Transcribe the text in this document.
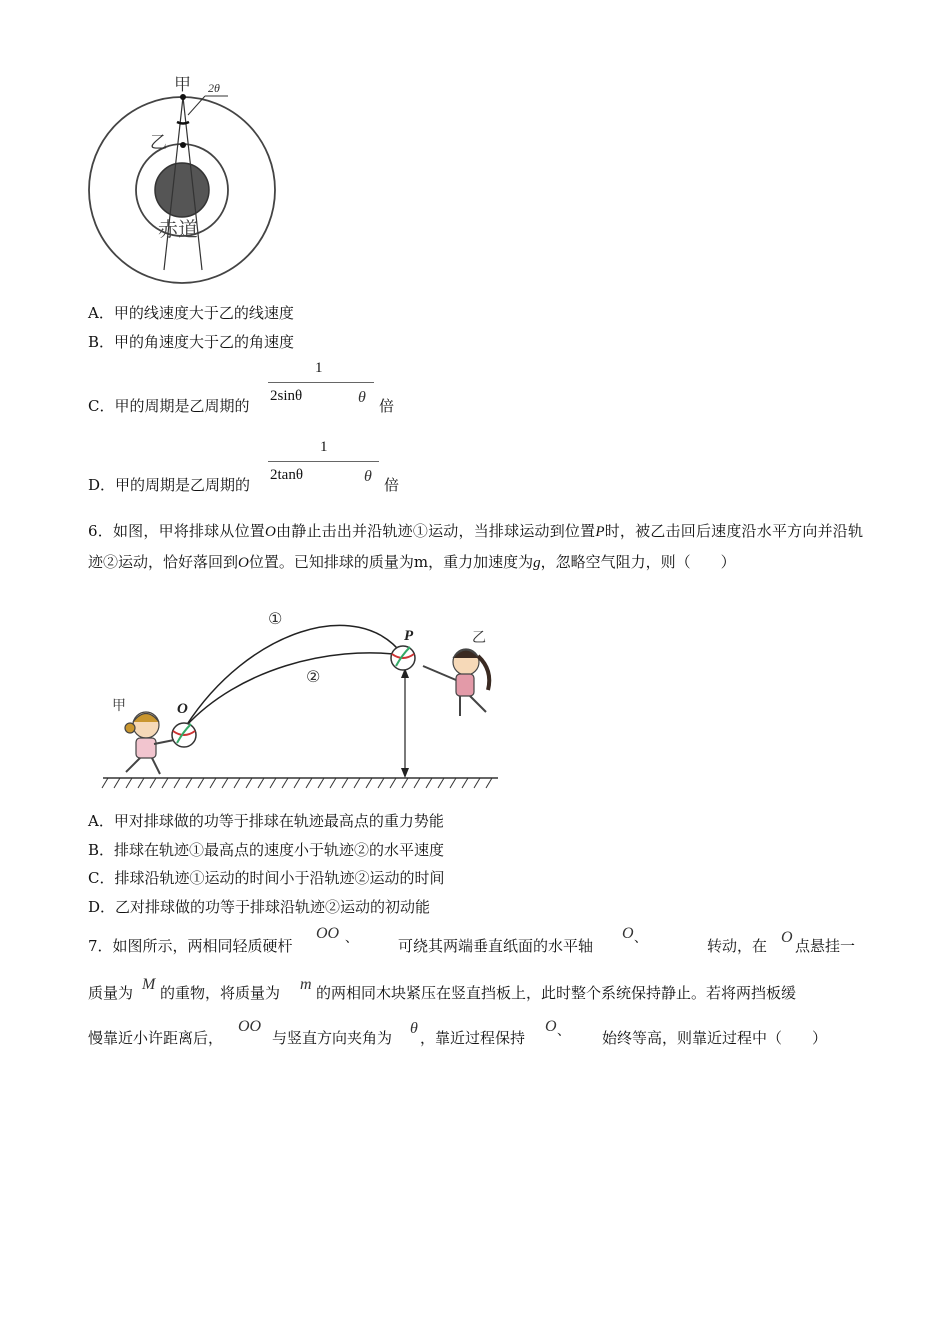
甲 2θ
乙
赤道
A．甲的线速度大于乙的线速度
B．甲的角速度大于乙的角速度
C．甲的周期是乙周期的
1
2sinθ	θ 倍
D．甲的周期是乙周期的
1
2tanθ	θ 倍
6．如图，甲将排球从位置O由静止击出并沿轨迹①运动，当排球运动到位置P时，被乙击回后速度沿水平方向并沿轨迹②运动，恰好落回到O位置。已知排球的质量为m，重力加速度为g，忽略空气阻力，则（　　）
①
②
P
O
甲
乙
A．甲对排球做的功等于排球在轨迹最高点的重力势能
B．排球在轨迹①最高点的速度小于轨迹②的水平速度
C．排球沿轨迹①运动的时间小于沿轨迹②运动的时间
D．乙对排球做的功等于排球沿轨迹②运动的初动能
7．如图所示，两相同轻质硬杆
OO 、	可绕其两端垂直纸面的水平轴
O 、	转动，在 O 点悬挂一
质量为 M 的重物，将质量为 m 的两相同木块紧压在竖直挡板上，此时整个系统保持静止。若将两挡板缓
慢靠近小许距离后，
OO
与竖直方向夹角为
θ
，靠近过程保持
O 、 始终等高，则靠近过程中（　　）
